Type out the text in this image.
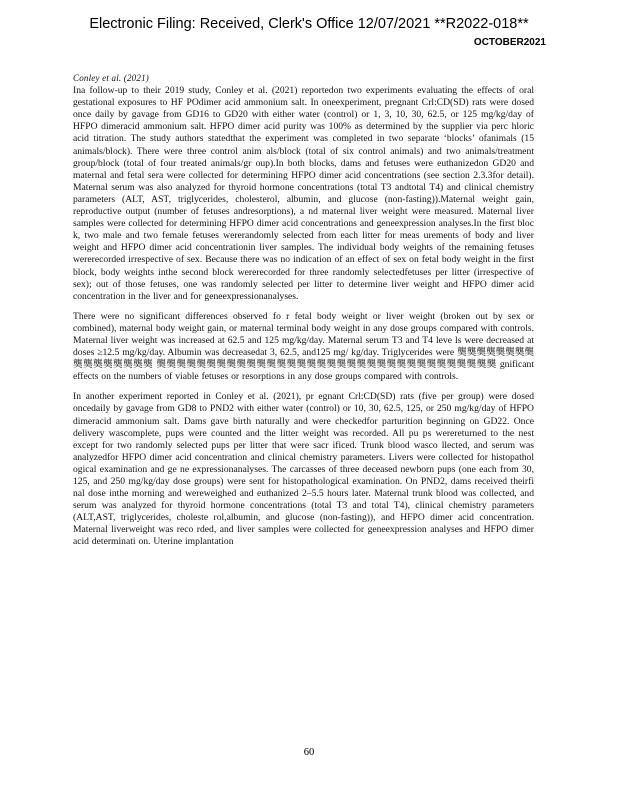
Electronic Filing: Received, Clerk's Office 12/07/2021 **R2022-018**
OCTOBER2021
Conley et al. (2021)

Ina follow-up to their 2019 study, Conley et al. (2021) reportedon two experiments evaluating the effects of oral gestational exposures to HF POdimer acid ammonium salt. In oneexperiment, pregnant Crl:CD(SD) rats were dosed once daily by gavage from GD16 to GD20 with either water (control) or 1, 3, 10, 30, 62.5, or 125 mg/kg/day of HFPO dimeracid ammonium salt. HFPO dimer acid purity was 100% as determined by the supplier via perc hloric acid titration. The study authors statedthat the experiment was completed in two separate ‘blocks’ ofanimals (15 animals/block). There were three control anim als/block (total of six control animals) and two animals/treatment group/block (total of four treated animals/gr oup).In both blocks, dams and fetuses were euthanizedon GD20 and maternal and fetal sera were collected for determining HFPO dimer acid concentrations (see section 2.3.3for detail). Maternal serum was also analyzed for thyroid hormone concentrations (total T3 andtotal T4) and clinical chemistry parameters (ALT, AST, triglycerides, cholesterol, albumin, and glucose (non-fasting)).Maternal weight gain, reproductive output (number of fetuses andresorptions), a nd maternal liver weight were measured. Maternal liver samples were collected for determining HFPO dimer acid concentrations and geneexpression analyses.In the first bloc k, two male and two female fetuses wererandomly selected from each litter for meas urements of body and liver weight and HFPO dimer acid concentrationin liver samples. The individual body weights of the remaining fetuses wererecorded irrespective of sex. Because there was no indication of an effect of sex on fetal body weight in the first block, body weights inthe second block wererecorded for three randomly selectedfetuses per litter (irrespective of sex); out of those fetuses, one was randomly selected per litter to determine liver weight and HFPO dimer acid concentration in the liver and for geneexpressionanalyses.

There were no significant differences observed fo r fetal body weight or liver weight (broken out by sex or combined), maternal body weight gain, or maternal terminal body weight in any dose groups compared with controls. Maternal liver weight was increased at 62.5 and 125 mg/kg/day. Maternal serum T3 and T4 leve ls were decreased at doses ≥12.5 mg/kg/day. Albumin was decreasedat 3, 62.5, and125 mg/ kg/day. Triglycerides were 龑龑龑龑龑龑龑龑龑龑龑龑龑龑龑龑 龑龑龑龑龑龑龑龑龑龑龑龑龑龑龑龑龑龑龑龑龑龑龑龑龑龑龑龑龑龑龑龑龑龑 gnificant effects on the numbers of viable fetuses or resorptions in any dose groups compared with controls.

In another experiment reported in Conley et al. (2021), pr egnant Crl:CD(SD) rats (five per group) were dosed oncedaily by gavage from GD8 to PND2 with either water (control) or 10, 30, 62.5, 125, or 250 mg/kg/day of HFPO dimeracid ammonium salt. Dams gave birth naturally and were checkedfor parturition beginning on GD22. Once delivery wascomplete, pups were counted and the litter weight was recorded. All pu ps werereturned to the nest except for two randomly selected pups per litter that were sacr ificed. Trunk blood wasco llected, and serum was analyzedfor HFPO dimer acid concentration and clinical chemistry parameters. Livers were collected for histopathol ogical examination and ge ne expressionanalyses. The carcasses of three deceased newborn pups (one each from 30, 125, and 250 mg/kg/day dose groups) were sent for histopathological examination. On PND2, dams received theirfi nal dose inthe morning and wereweighed and euthanized 2–5.5 hours later. Maternal trunk blood was collected, and serum was analyzed for thyroid hormone concentrations (total T3 and total T4), clinical chemistry parameters (ALT,AST, triglycerides, choleste rol,albumin, and glucose (non-fasting)), and HFPO dimer acid concentration. Maternal liverweight was reco rded, and liver samples were collected for geneexpression analyses and HFPO dimer acid determinati on. Uterine implantation

60
